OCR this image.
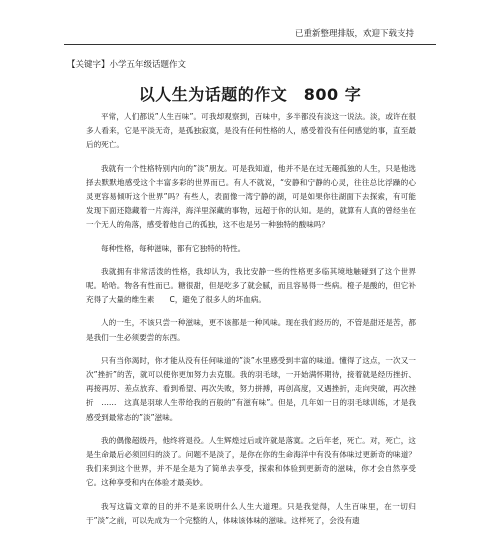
已重新整理排版，欢迎下载支持
【关键字】小学五年级话题作文
以人生为话题的作文　800 字

平常，人们都说”人生百味”。可我却观察到，百味中，多半都没有淡这一说法。淡，或许在很多人看来，它是平淡无奇，是孤独寂寞，是没有任何性格的人，感受着没有任何感觉的事，直至最后的死亡。

我就有一个性格特别内向的”淡”朋友。可是我知道，他并不是在过无趣孤独的人生，只是他选择去默默地感受这个丰富多彩的世界而已。有人不就说，“安静和宁静的心灵，往往总比浮躁的心灵更容易倾听这个世界”吗？有些人，表面像一湾宁静的湖，可是如果你往湖面下去探索，有可能发现下面还隐藏着一片海洋，海洋里深藏的事物，远超于你的认知。是的，就算有人真的曾经坐在一个无人的角落，感受着他自己的孤独，这不也是另一种独特的酸味吗？

每种性格，每种滋味，都有它独特的特性。

我就拥有非常活泼的性格，我却认为，我比安静一些的性格更多临其境地触碰到了这个世界呢。哈哈。物各有性而已。糖很甜，但是吃多了就会腻，而且容易得一些病。橙子是酸的，但它补充得了大量的维生素　　C，避免了很多人的坏血病。

人的一生，不该只尝一种滋味，更不该都是一种风味。现在我们经历的，不管是甜还是苦，都是我们一生必须要尝的东西。

只有当你渴时，你才能从没有任何味道的”淡”水里感受到丰富的味道。懂得了这点，一次又一次”挫折”的苦，就可以使你更加努力去克服。我的羽毛球，一开始满怀期待，接着就是经历挫折、再接再厉、差点放弃、看到希望、再次失败，努力拼搏，再创高度，又遇挫折，走向突破，再次挫折　……　这真是羽球人生带给我的百般的”有滋有味”。但是，几年如一日的羽毛球训练，才是我感受到最常态的”淡”滋味。

我的偶像超级丹，他终将退役。人生辉煌过后或许就是落寞。之后年老，死亡。对，死亡，这是生命最后必须回归的淡了。问题不是淡了，是你在你的生命海洋中有没有体味过更新奇的味道？我们来到这个世界，并不是全是为了简单去享受，探索和体验到更新奇的滋味，你才会自然享受它。这种享受和内在体验才最美妙。

我写这篇文章的目的并不是来说明什么人生大道理。只是我觉得，人生百味里，在一切归于”淡”之前，可以先成为一个完整的人，体味该体味的滋味。这样死了，会没有遗
